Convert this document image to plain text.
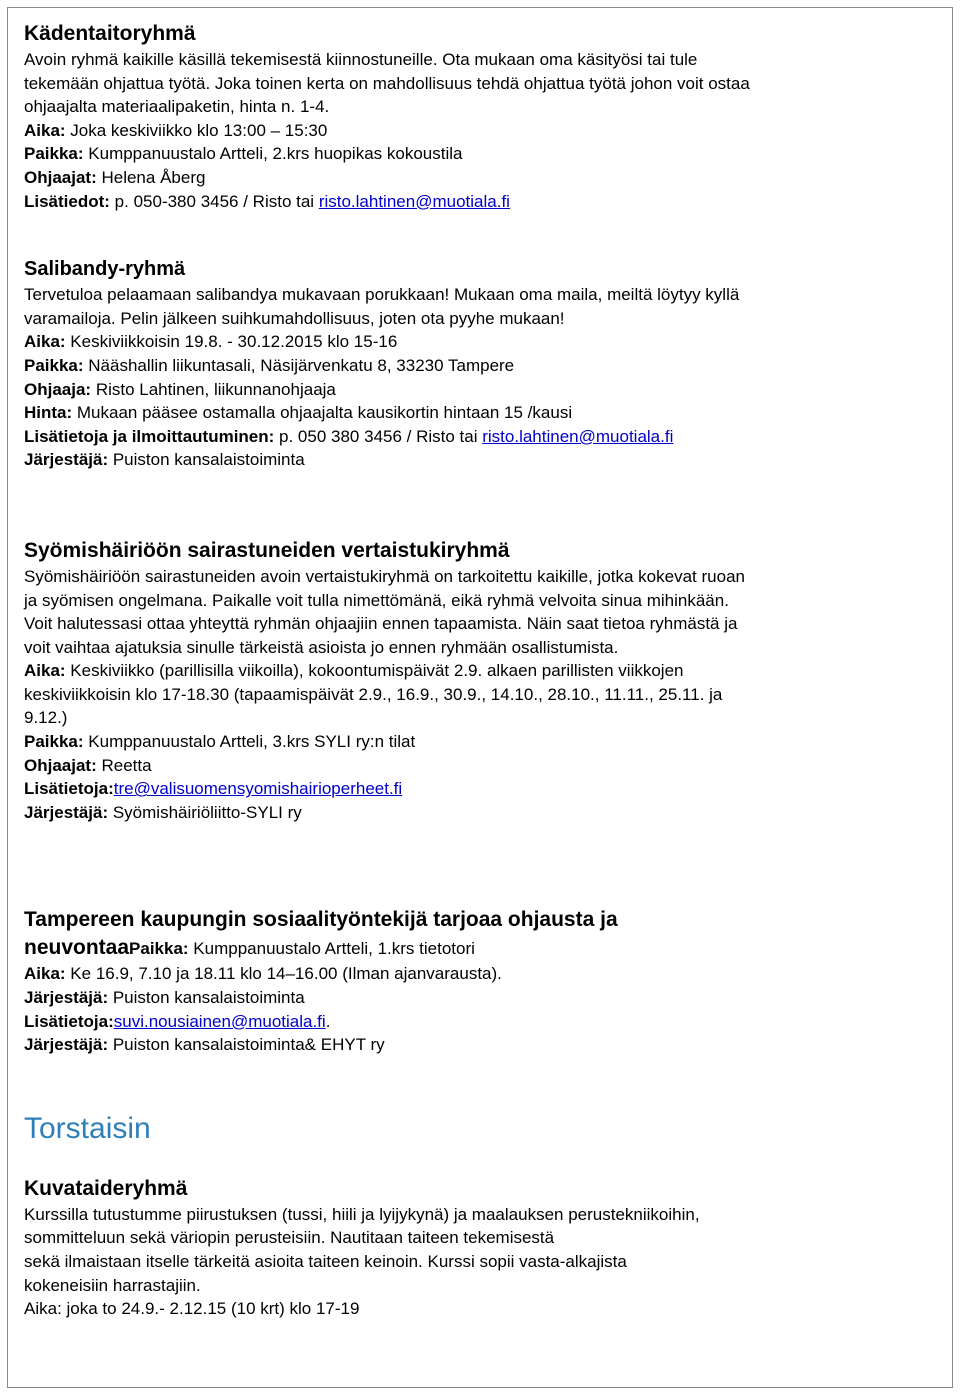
Kädentaitoryhmä
Avoin ryhmä kaikille käsillä tekemisestä kiinnostuneille. Ota mukaan oma käsityösi tai tule
tekemään ohjattua työtä. Joka toinen kerta on mahdollisuus tehdä ohjattua työtä johon voit ostaa
ohjaajalta materiaalipaketin, hinta n. 1-4.
Aika: Joka keskiviikko klo 13:00 – 15:30
Paikka: Kumppanuustalo Artteli, 2.krs huopikas kokoustila
Ohjaajat: Helena Åberg
Lisätiedot: p. 050-380 3456 / Risto tai risto.lahtinen@muotiala.fi
Salibandy-ryhmä
Tervetuloa pelaamaan salibandya mukavaan porukkaan! Mukaan oma maila, meiltä löytyy kyllä
varamailoja. Pelin jälkeen suihkumahdollisuus, joten ota pyyhe mukaan!
Aika: Keskiviikkoisin 19.8. - 30.12.2015 klo 15-16
Paikka: Nääshallin liikuntasali, Näsijärvenkatu 8, 33230 Tampere
Ohjaaja: Risto Lahtinen, liikunnanohjaaja
Hinta: Mukaan pääsee ostamalla ohjaajalta kausikortin hintaan 15 /kausi
Lisätietoja ja ilmoittautuminen: p. 050 380 3456 / Risto tai risto.lahtinen@muotiala.fi
Järjestäjä: Puiston kansalaistoiminta
Syömishäiriöön sairastuneiden vertaistukiryhmä
Syömishäiriöön sairastuneiden avoin vertaistukiryhmä on tarkoitettu kaikille, jotka kokevat ruoan
ja syömisen ongelmana. Paikalle voit tulla nimettömänä, eikä ryhmä velvoita sinua mihinkään.
Voit halutessasi ottaa yhteyttä ryhmän ohjaajiin ennen tapaamista. Näin saat tietoa ryhmästä ja
voit vaihtaa ajatuksia sinulle tärkeistä asioista jo ennen ryhmään osallistumista.
Aika: Keskiviikko (parillisilla viikoilla), kokoontumispäivät 2.9. alkaen parillisten viikkojen
keskiviikkoisin klo 17-18.30 (tapaamispäivät 2.9., 16.9., 30.9., 14.10., 28.10., 11.11., 25.11. ja
9.12.)
Paikka: Kumppanuustalo Artteli, 3.krs SYLI ry:n tilat
Ohjaajat: Reetta
Lisätietoja:tre@valisuomensyomishairioperheet.fi
Järjestäjä: Syömishäiriöliitto-SYLI ry
Tampereen kaupungin sosiaalityöntekijä tarjoaa ohjausta ja
neuvontaaPaikka: Kumppanuustalo Artteli, 1.krs tietotori
Aika: Ke 16.9, 7.10 ja 18.11 klo 14–16.00 (Ilman ajanvarausta).
Järjestäjä: Puiston kansalaistoiminta
Lisätietoja:suvi.nousiainen@muotiala.fi.
Järjestäjä: Puiston kansalaistoiminta& EHYT ry
Torstaisin
Kuvataideryhmä
Kurssilla tutustumme piirustuksen (tussi, hiili ja lyijykynä) ja maalauksen perustekniikoihin,
sommitteluun sekä väriopin perusteisiin. Nautitaan taiteen tekemisestä
sekä ilmaistaan itselle tärkeitä asioita taiteen keinoin. Kurssi sopii vasta-alkajista
kokeneisiin harrastajiin.
Aika: joka to 24.9.- 2.12.15 (10 krt) klo 17-19
